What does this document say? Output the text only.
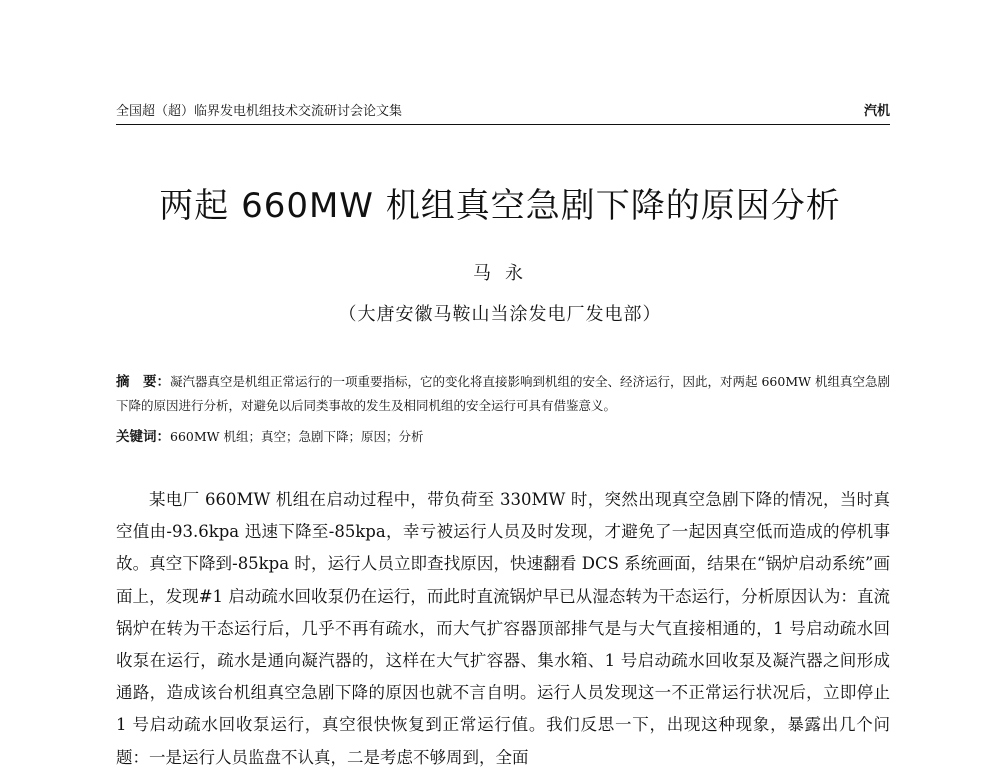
全国超（超）临界发电机组技术交流研讨会论文集	汽机
两起 660MW 机组真空急剧下降的原因分析
马永
（大唐安徽马鞍山当涂发电厂发电部）

摘　要：凝汽器真空是机组正常运行的一项重要指标，它的变化将直接影响到机组的安全、经济运行，因此，对两起 660MW 机组真空急剧下降的原因进行分析，对避免以后同类事故的发生及相同机组的安全运行可具有借鉴意义。

关键词：660MW 机组；真空；急剧下降；原因；分析

某电厂 660MW 机组在启动过程中，带负荷至 330MW 时，突然出现真空急剧下降的情况，当时真空值由-93.6kpa 迅速下降至-85kpa，幸亏被运行人员及时发现，才避免了一起因真空低而造成的停机事故。真空下降到-85kpa 时，运行人员立即查找原因，快速翻看 DCS 系统画面，结果在“锅炉启动系统”画面上，发现#1 启动疏水回收泵仍在运行，而此时直流锅炉早已从湿态转为干态运行，分析原因认为：直流锅炉在转为干态运行后，几乎不再有疏水，而大气扩容器顶部排气是与大气直接相通的，1 号启动疏水回收泵在运行，疏水是通向凝汽器的，这样在大气扩容器、集水箱、1 号启动疏水回收泵及凝汽器之间形成通路，造成该台机组真空急剧下降的原因也就不言自明。运行人员发现这一不正常运行状况后，立即停止 1 号启动疏水回收泵运行，真空很快恢复到正常运行值。我们反思一下，出现这种现象，暴露出几个问题：一是运行人员监盘不认真，二是考虑不够周到，全面
